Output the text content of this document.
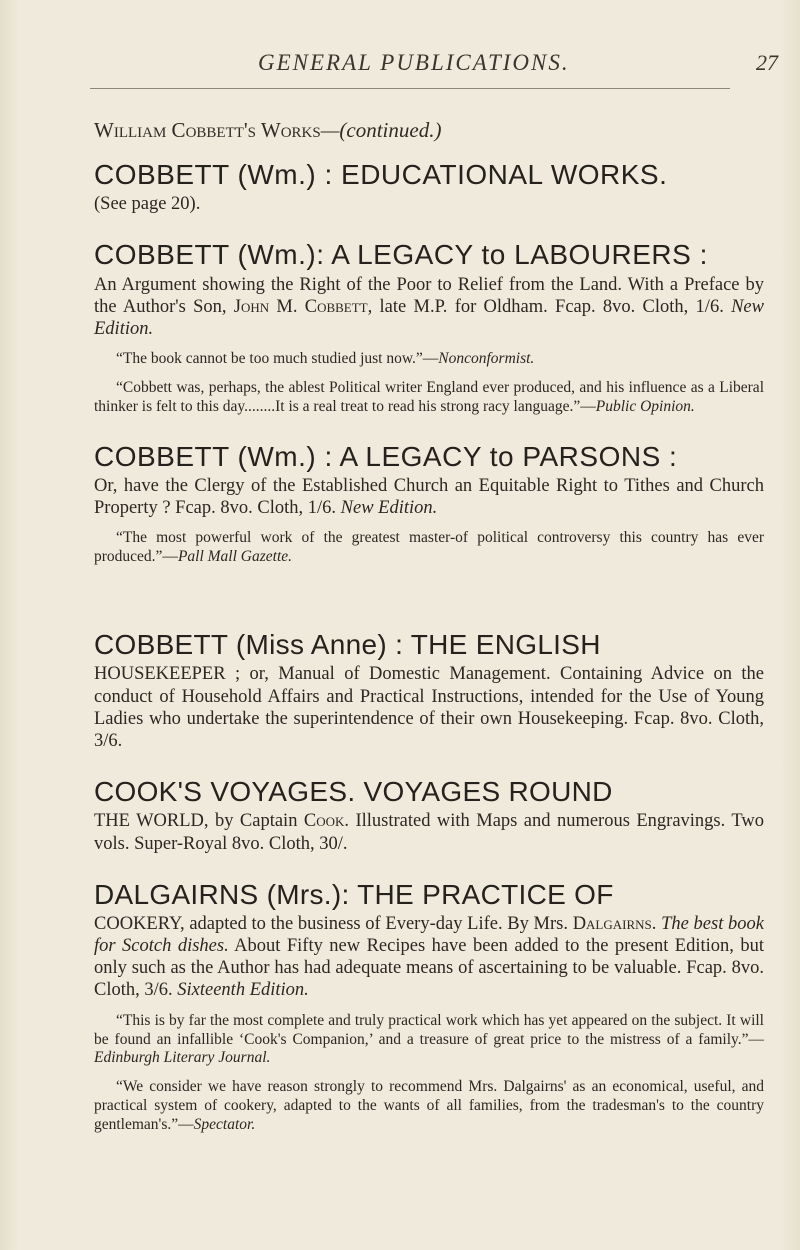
GENERAL PUBLICATIONS.	27

William Cobbett's Works—(continued.)

COBBETT (Wm.) : EDUCATIONAL WORKS.

(See page 20).

COBBETT (Wm.): A LEGACY to LABOURERS :

An Argument showing the Right of the Poor to Relief from the Land. With a Preface by the Author's Son, John M. Cobbett, late M.P. for Oldham. Fcap. 8vo. Cloth, 1/6. New Edition.

“The book cannot be too much studied just now.”—Nonconformist.

“Cobbett was, perhaps, the ablest Political writer England ever produced, and his influence as a Liberal thinker is felt to this day........It is a real treat to read his strong racy language.”—Public Opinion.

COBBETT (Wm.) : A LEGACY to PARSONS :

Or, have the Clergy of the Established Church an Equitable Right to Tithes and Church Property ? Fcap. 8vo. Cloth, 1/6. New Edition.

“The most powerful work of the greatest master-of political controversy this country has ever produced.”—Pall Mall Gazette.

COBBETT (Miss Anne) : THE ENGLISH

HOUSEKEEPER ; or, Manual of Domestic Management. Containing Advice on the conduct of Household Affairs and Practical Instructions, intended for the Use of Young Ladies who undertake the superintendence of their own Housekeeping. Fcap. 8vo. Cloth, 3/6.

COOK'S VOYAGES. VOYAGES ROUND

THE WORLD, by Captain Cook. Illustrated with Maps and numerous Engravings. Two vols. Super-Royal 8vo. Cloth, 30/.

DALGAIRNS (Mrs.): THE PRACTICE OF

COOKERY, adapted to the business of Every-day Life. By Mrs. Dalgairns. The best book for Scotch dishes. About Fifty new Recipes have been added to the present Edition, but only such as the Author has had adequate means of ascertaining to be valuable. Fcap. 8vo. Cloth, 3/6. Sixteenth Edition.

“This is by far the most complete and truly practical work which has yet appeared on the subject. It will be found an infallible ‘Cook's Companion,’ and a treasure of great price to the mistress of a family.”—Edinburgh Literary Journal.

“We consider we have reason strongly to recommend Mrs. Dalgairns' as an economical, useful, and practical system of cookery, adapted to the wants of all families, from the tradesman's to the country gentleman's.”—Spectator.
